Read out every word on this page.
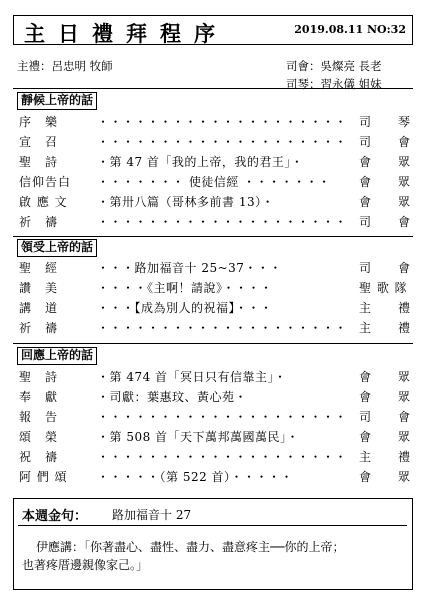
主日禮拜程序	2019.08.11 NO:32
主禮：呂忠明 牧師	司會：吳燦亮 長老
司琴：習永儀 姐妹
靜候上帝的話
序　樂	・・・・・・・・・・・・・・・・・・・・ 司　　琴
宣　召	・・・・・・・・・・・・・・・・・・・・ 司　　會
聖　詩	・第 47 首「我的上帝，我的君王」・	會　　眾
信仰告白 ・・・・・・・ 使徒信經 ・・・・・・・	會　　眾
啟 應 文 ・第卅八篇（哥林多前書 13）・	會　　眾
祈　禱	・・・・・・・・・・・・・・・・・・・・ 司　　會
領受上帝的話
聖　經	・・・路加福音十 25~37・・・	司　　會
讚　美	・・・・《主啊！請說》・・・・	聖 歌 隊
講　道	・・・【成為別人的祝福】・・・	主　　禮
祈　禱	・・・・・・・・・・・・・・・・・・・・ 主　　禮
回應上帝的話
聖　詩	・第 474 首「冥日只有信靠主」・	會　　眾
奉　獻	・司獻：葉惠玟、黃心苑・	會　　眾
報　告	・・・・・・・・・・・・・・・・・・・・ 司　　會
頌　榮	・第 508 首「天下萬邦萬國萬民」・	會　　眾
祝　禱	・・・・・・・・・・・・・・・・・・・・ 主　　禮
阿 們 頌 ・・・・・（第 522 首）・・・・・	會　　眾
本週金句： 路加福音十 27
伊應講：「你著盡心、盡性、盡力、盡意疼主──你的上帝；
也著疼厝邊親像家己。」
